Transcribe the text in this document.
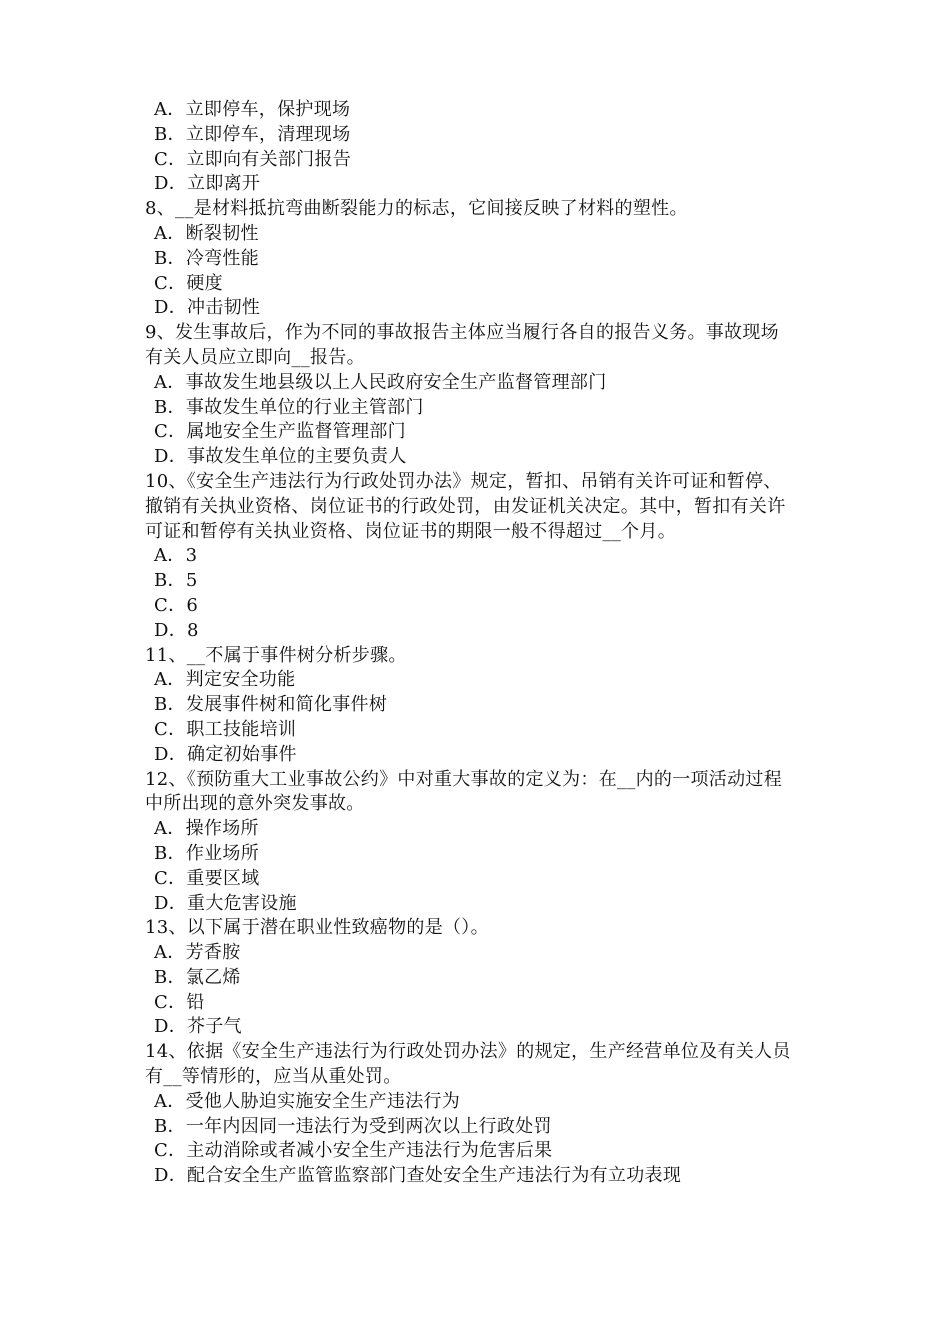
A．立即停车，保护现场
B．立即停车，清理现场
C．立即向有关部门报告
D．立即离开
8、__是材料抵抗弯曲断裂能力的标志，它间接反映了材料的塑性。
A．断裂韧性
B．冷弯性能
C．硬度
D．冲击韧性
9、发生事故后，作为不同的事故报告主体应当履行各自的报告义务。事故现场
有关人员应立即向__报告。
A．事故发生地县级以上人民政府安全生产监督管理部门
B．事故发生单位的行业主管部门
C．属地安全生产监督管理部门
D．事故发生单位的主要负责人
10、《安全生产违法行为行政处罚办法》规定，暂扣、吊销有关许可证和暂停、
撤销有关执业资格、岗位证书的行政处罚，由发证机关决定。其中，暂扣有关许
可证和暂停有关执业资格、岗位证书的期限一般不得超过__个月。
A．3
B．5
C．6
D．8
11、__不属于事件树分析步骤。
A．判定安全功能
B．发展事件树和简化事件树
C．职工技能培训
D．确定初始事件
12、《预防重大工业事故公约》中对重大事故的定义为：在__内的一项活动过程
中所出现的意外突发事故。
A．操作场所
B．作业场所
C．重要区域
D．重大危害设施
13、以下属于潜在职业性致癌物的是（）。
A．芳香胺
B．氯乙烯
C．铅
D．芥子气
14、依据《安全生产违法行为行政处罚办法》的规定，生产经营单位及有关人员
有__等情形的，应当从重处罚。
A．受他人胁迫实施安全生产违法行为
B．一年内因同一违法行为受到两次以上行政处罚
C．主动消除或者减小安全生产违法行为危害后果
D．配合安全生产监管监察部门查处安全生产违法行为有立功表现
